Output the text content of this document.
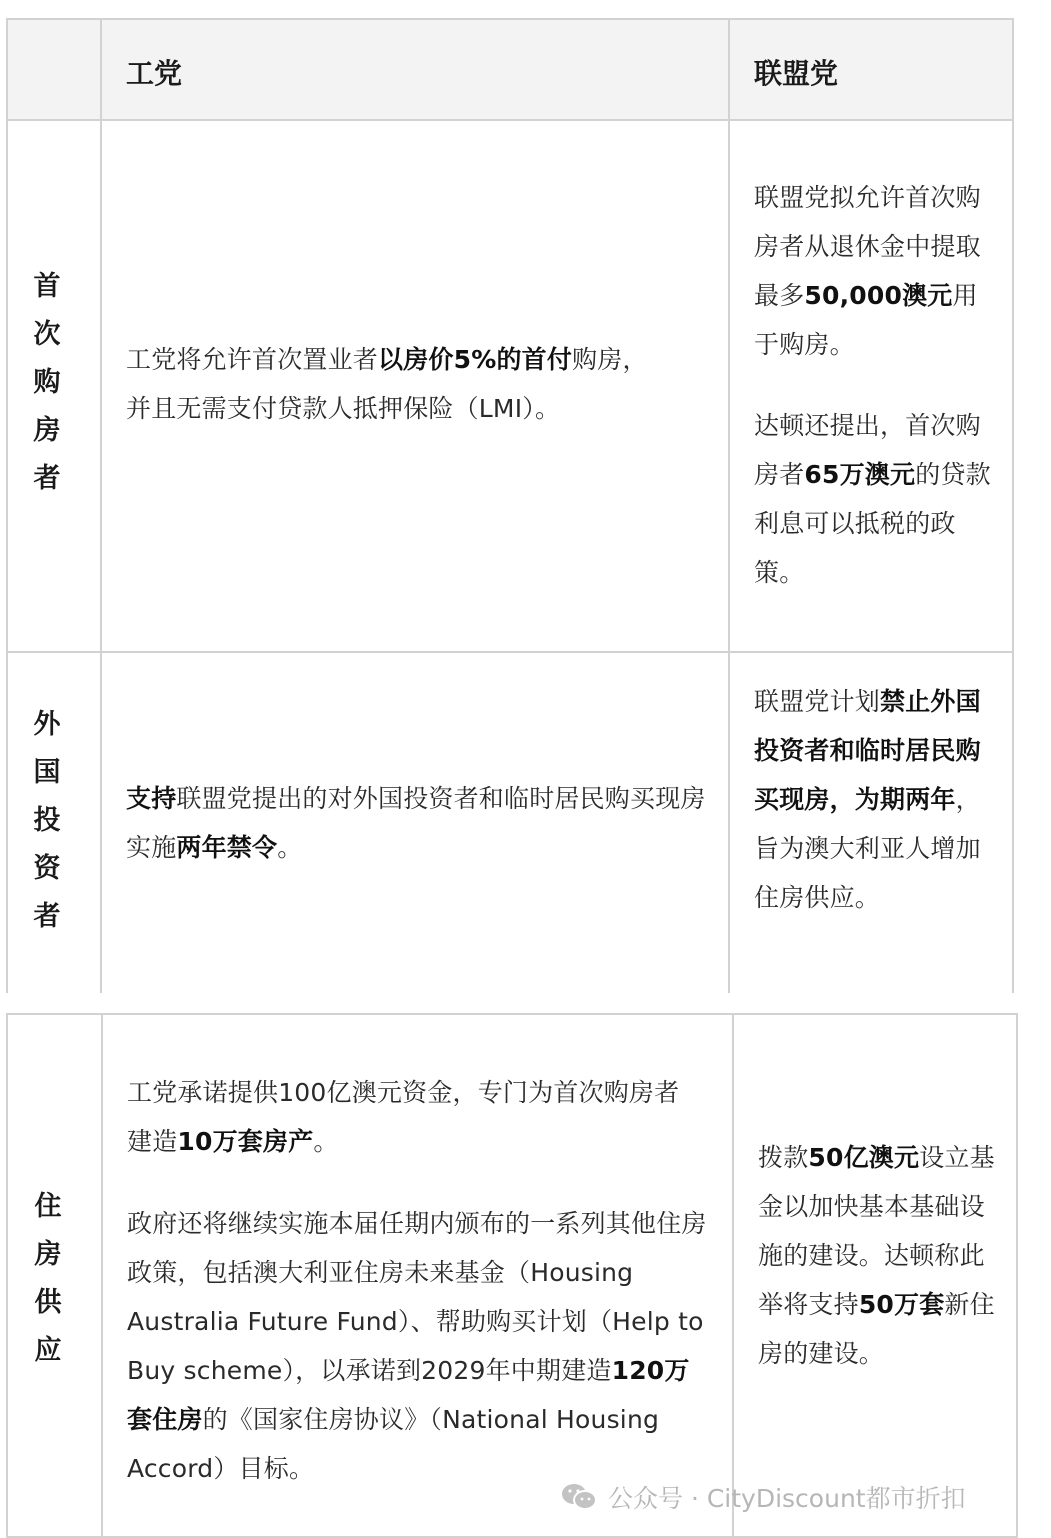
工党	联盟党
首次购房者
工党将允许首次置业者以房价5%的首付购房，并且无需支付贷款人抵押保险（LMI）。
联盟党拟允许首次购房者从退休金中提取最多50,000澳元用于购房。
达顿还提出，首次购房者65万澳元的贷款利息可以抵税的政策。
外国投资者
支持联盟党提出的对外国投资者和临时居民购买现房实施两年禁令。
联盟党计划禁止外国投资者和临时居民购买现房，为期两年，旨为澳大利亚人增加住房供应。
住房供应
工党承诺提供100亿澳元资金，专门为首次购房者建造10万套房产。
政府还将继续实施本届任期内颁布的一系列其他住房政策，包括澳大利亚住房未来基金（Housing Australia Future Fund）、帮助购买计划（Help to Buy scheme），以承诺到2029年中期建造120万套住房的《国家住房协议》（National Housing Accord）目标。
拨款50亿澳元设立基金以加快基本基础设施的建设。达顿称此举将支持50万套新住房的建设。
公众号 · CityDiscount都市折扣
